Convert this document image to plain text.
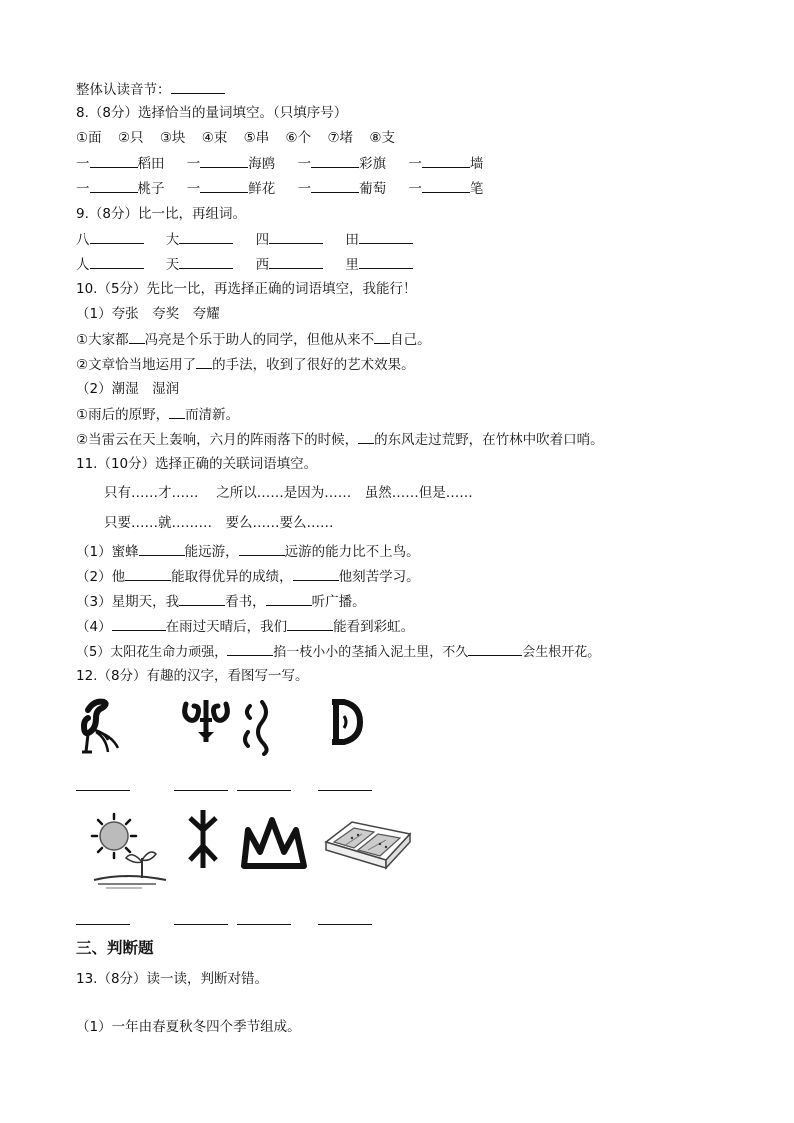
整体认读音节：
8.（8分）选择恰当的量词填空。（只填序号）
①面 ②只 ③块 ④束 ⑤串 ⑥个 ⑦堵 ⑧支
一	稻田 一	海鸥 一	彩旗 一	墙
一	桃子 一	鲜花 一	葡萄 一	笔
9.（8分）比一比，再组词。
八	大	四	田
人	天	西	里
10.（5分）先比一比，再选择正确的词语填空，我能行！
（1）夸张　夸奖　夸耀
①大家都 冯亮是个乐于助人的同学，但他从来不 自己。
②文章恰当地运用了 的手法，收到了很好的艺术效果。
（2）潮湿　湿润
①雨后的原野， 而清新。
②当雷云在天上轰响，六月的阵雨落下的时候， 的东风走过荒野，在竹林中吹着口哨。
11.（10分）选择正确的关联词语填空。
只有……才……　 之所以……是因为……　虽然……但是……
只要……就………　要么……要么……
（1）蜜蜂	能远游，	远游的能力比不上鸟。
（2）他	能取得优异的成绩，	他刻苦学习。
（3）星期天，我	看书，	听广播。
（4）	在雨过天晴后，我们	能看到彩虹。
（5）太阳花生命力顽强，	掐一枝小小的茎插入泥土里，不久	会生根开花。
12.（8分）有趣的汉字，看图写一写。
三、判断题
13.（8分）读一读，判断对错。
（1）一年由春夏秋冬四个季节组成。
